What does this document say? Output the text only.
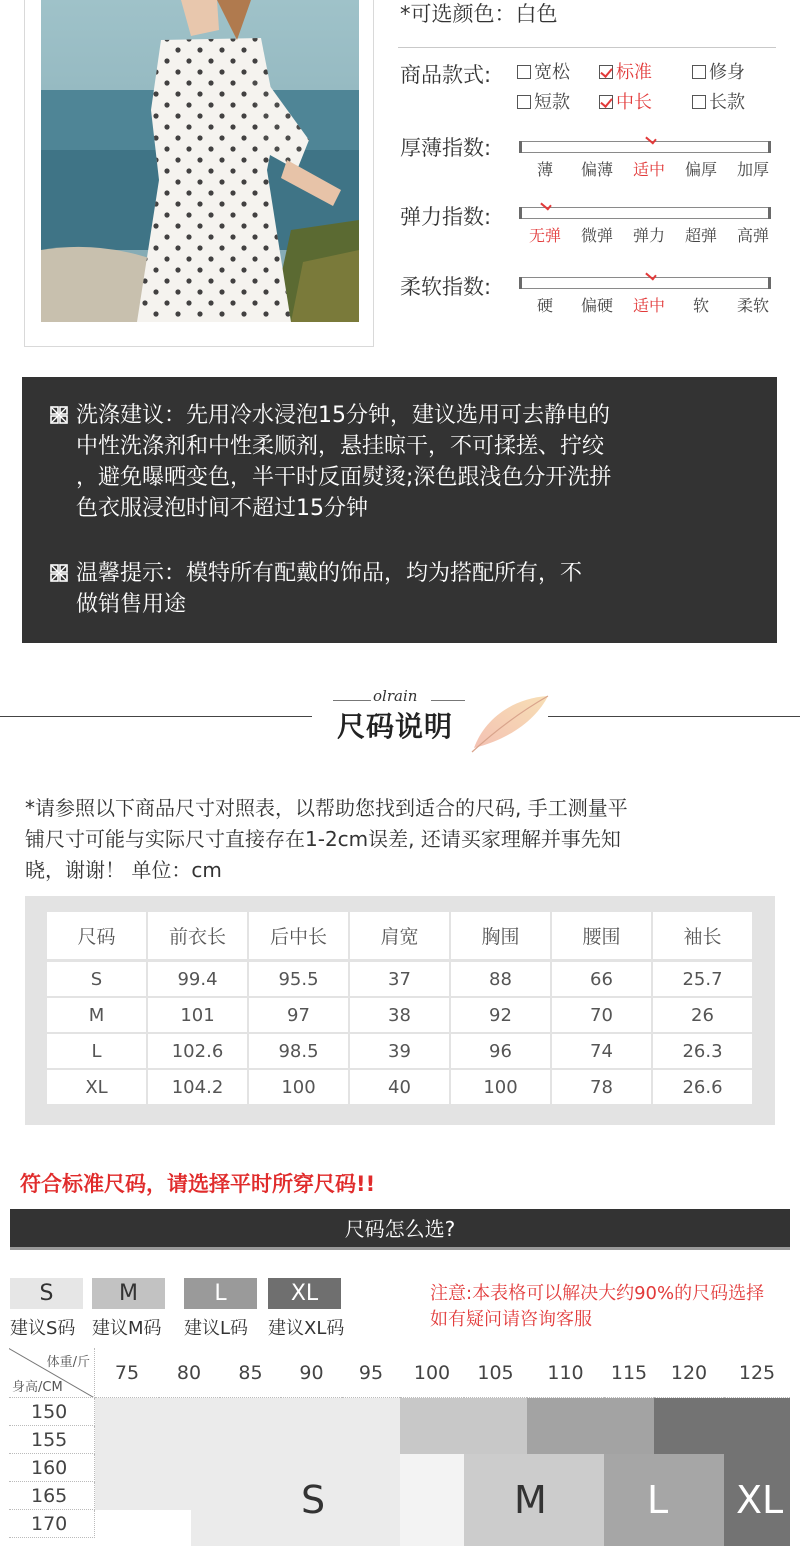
*可选颜色：白色
商品款式:	宽松	标准	修身
短款	中长	长款
厚薄指数:
薄	偏薄	适中	偏厚	加厚
弹力指数:
无弹	微弹	弹力	超弹	高弹
柔软指数:
硬	偏硬	适中	软	柔软
洗涤建议：先用冷水浸泡15分钟，建议选用可去静电的
中性洗涤剂和中性柔顺剂，悬挂晾干，不可揉搓、拧绞
，避免曝晒变色，半干时反面熨烫;深色跟浅色分开洗拼
色衣服浸泡时间不超过15分钟
温馨提示：模特所有配戴的饰品，均为搭配所有，不
做销售用途
olrain
尺码说明
*请参照以下商品尺寸对照表，以帮助您找到适合的尺码, 手工测量平
铺尺寸可能与实际尺寸直接存在1-2cm误差, 还请买家理解并事先知
晓，谢谢！ 单位：cm
尺码	前衣长	后中长	肩宽	胸围	腰围	袖长
S	99.4	95.5	37	88	66	25.7
M	101	97	38	92	70	26
L	102.6	98.5	39	96	74	26.3
XL	104.2	100	40	100	78	26.6
符合标准尺码，请选择平时所穿尺码!!
尺码怎么选?
S	M	L	XL
建议S码 建议M码 建议L码 建议XL码
注意:本表格可以解决大约90%的尺码选择
如有疑问请咨询客服
体重/斤
身高/CM
75	80	85	90	95	100	105	110	115	120	125
150
155
160
165
170
S	M	L XL
